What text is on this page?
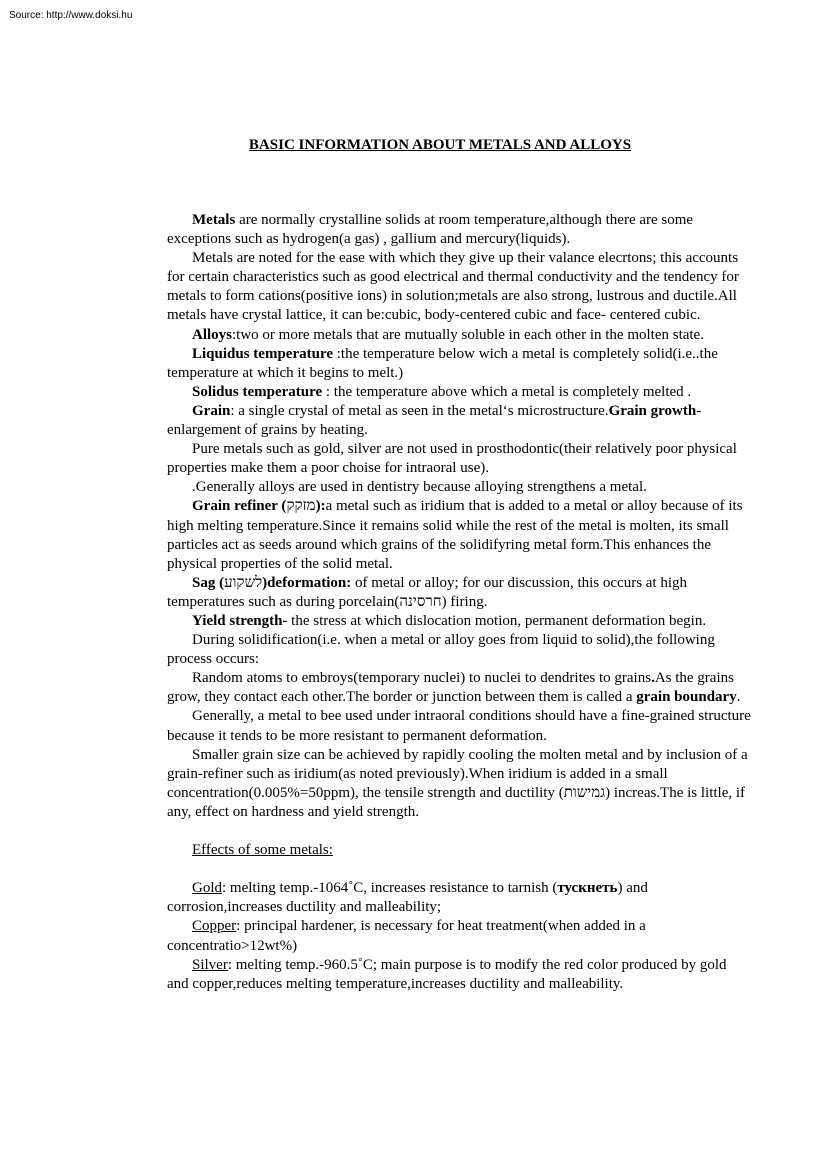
Source: http://www.doksi.hu
BASIC INFORMATION ABOUT METALS AND ALLOYS

Metals are normally crystalline solids at room temperature,although there are some exceptions such as hydrogen(a gas) , gallium and mercury(liquids).

Metals are noted for the ease with which they give up their valance elecrtons; this accounts for certain characteristics such as good electrical and thermal conductivity and the tendency for metals to form cations(positive ions) in solution;metals are also strong, lustrous and ductile.All metals have crystal lattice, it can be:cubic, body-centered cubic and face- centered cubic.

Alloys:two or more metals that are mutually soluble in each other in the molten state.

Liquidus temperature :the temperature below wich a metal is completely solid(i.e..the temperature at which it begins to melt.)

Solidus temperature : the temperature above which a metal is completely melted .

Grain: a single crystal of metal as seen in the metal‘s microstructure.Grain growth-enlargement of grains by heating.

Pure metals such as gold, silver are not used in prosthodontic(their relatively poor physical properties make them a poor choise for intraoral use).

.Generally alloys are used in dentistry because alloying strengthens a metal.

Grain refiner (מזקק):a metal such as iridium that is added to a metal or alloy because of its high melting temperature.Since it remains solid while the rest of the metal is molten, its small particles act as seeds around which grains of the solidifyring metal form.This enhances the physical properties of the solid metal.

Sag (לשקוע)deformation: of metal or alloy; for our discussion, this occurs at high temperatures such as during porcelain(חרסינה) firing.

Yield strength- the stress at which dislocation motion, permanent deformation begin.

During solidification(i.e. when a metal or alloy goes from liquid to solid),the following process occurs:

Random atoms to embroys(temporary nuclei) to nuclei to dendrites to grains.As the grains grow, they contact each other.The border or junction between them is called a grain boundary.

Generally, a metal to bee used under intraoral conditions should have a fine-grained structure because it tends to be more resistant to permanent deformation.

Smaller grain size can be achieved by rapidly cooling the molten metal and by inclusion of a grain-refiner such as iridium(as noted previously).When iridium is added in a small concentration(0.005%=50ppm), the tensile strength and ductility (גמישות) increas.The is little, if any, effect on hardness and yield strength.

Effects of some metals:

Gold: melting temp.-1064˚C, increases resistance to tarnish (тускнеть) and corrosion,increases ductility and malleability;

Copper: principal hardener, is necessary for heat treatment(when added in a concentratio>12wt%)

Silver: melting temp.-960.5˚C; main purpose is to modify the red color produced by gold and copper,reduces melting temperature,increases ductility and malleability.
